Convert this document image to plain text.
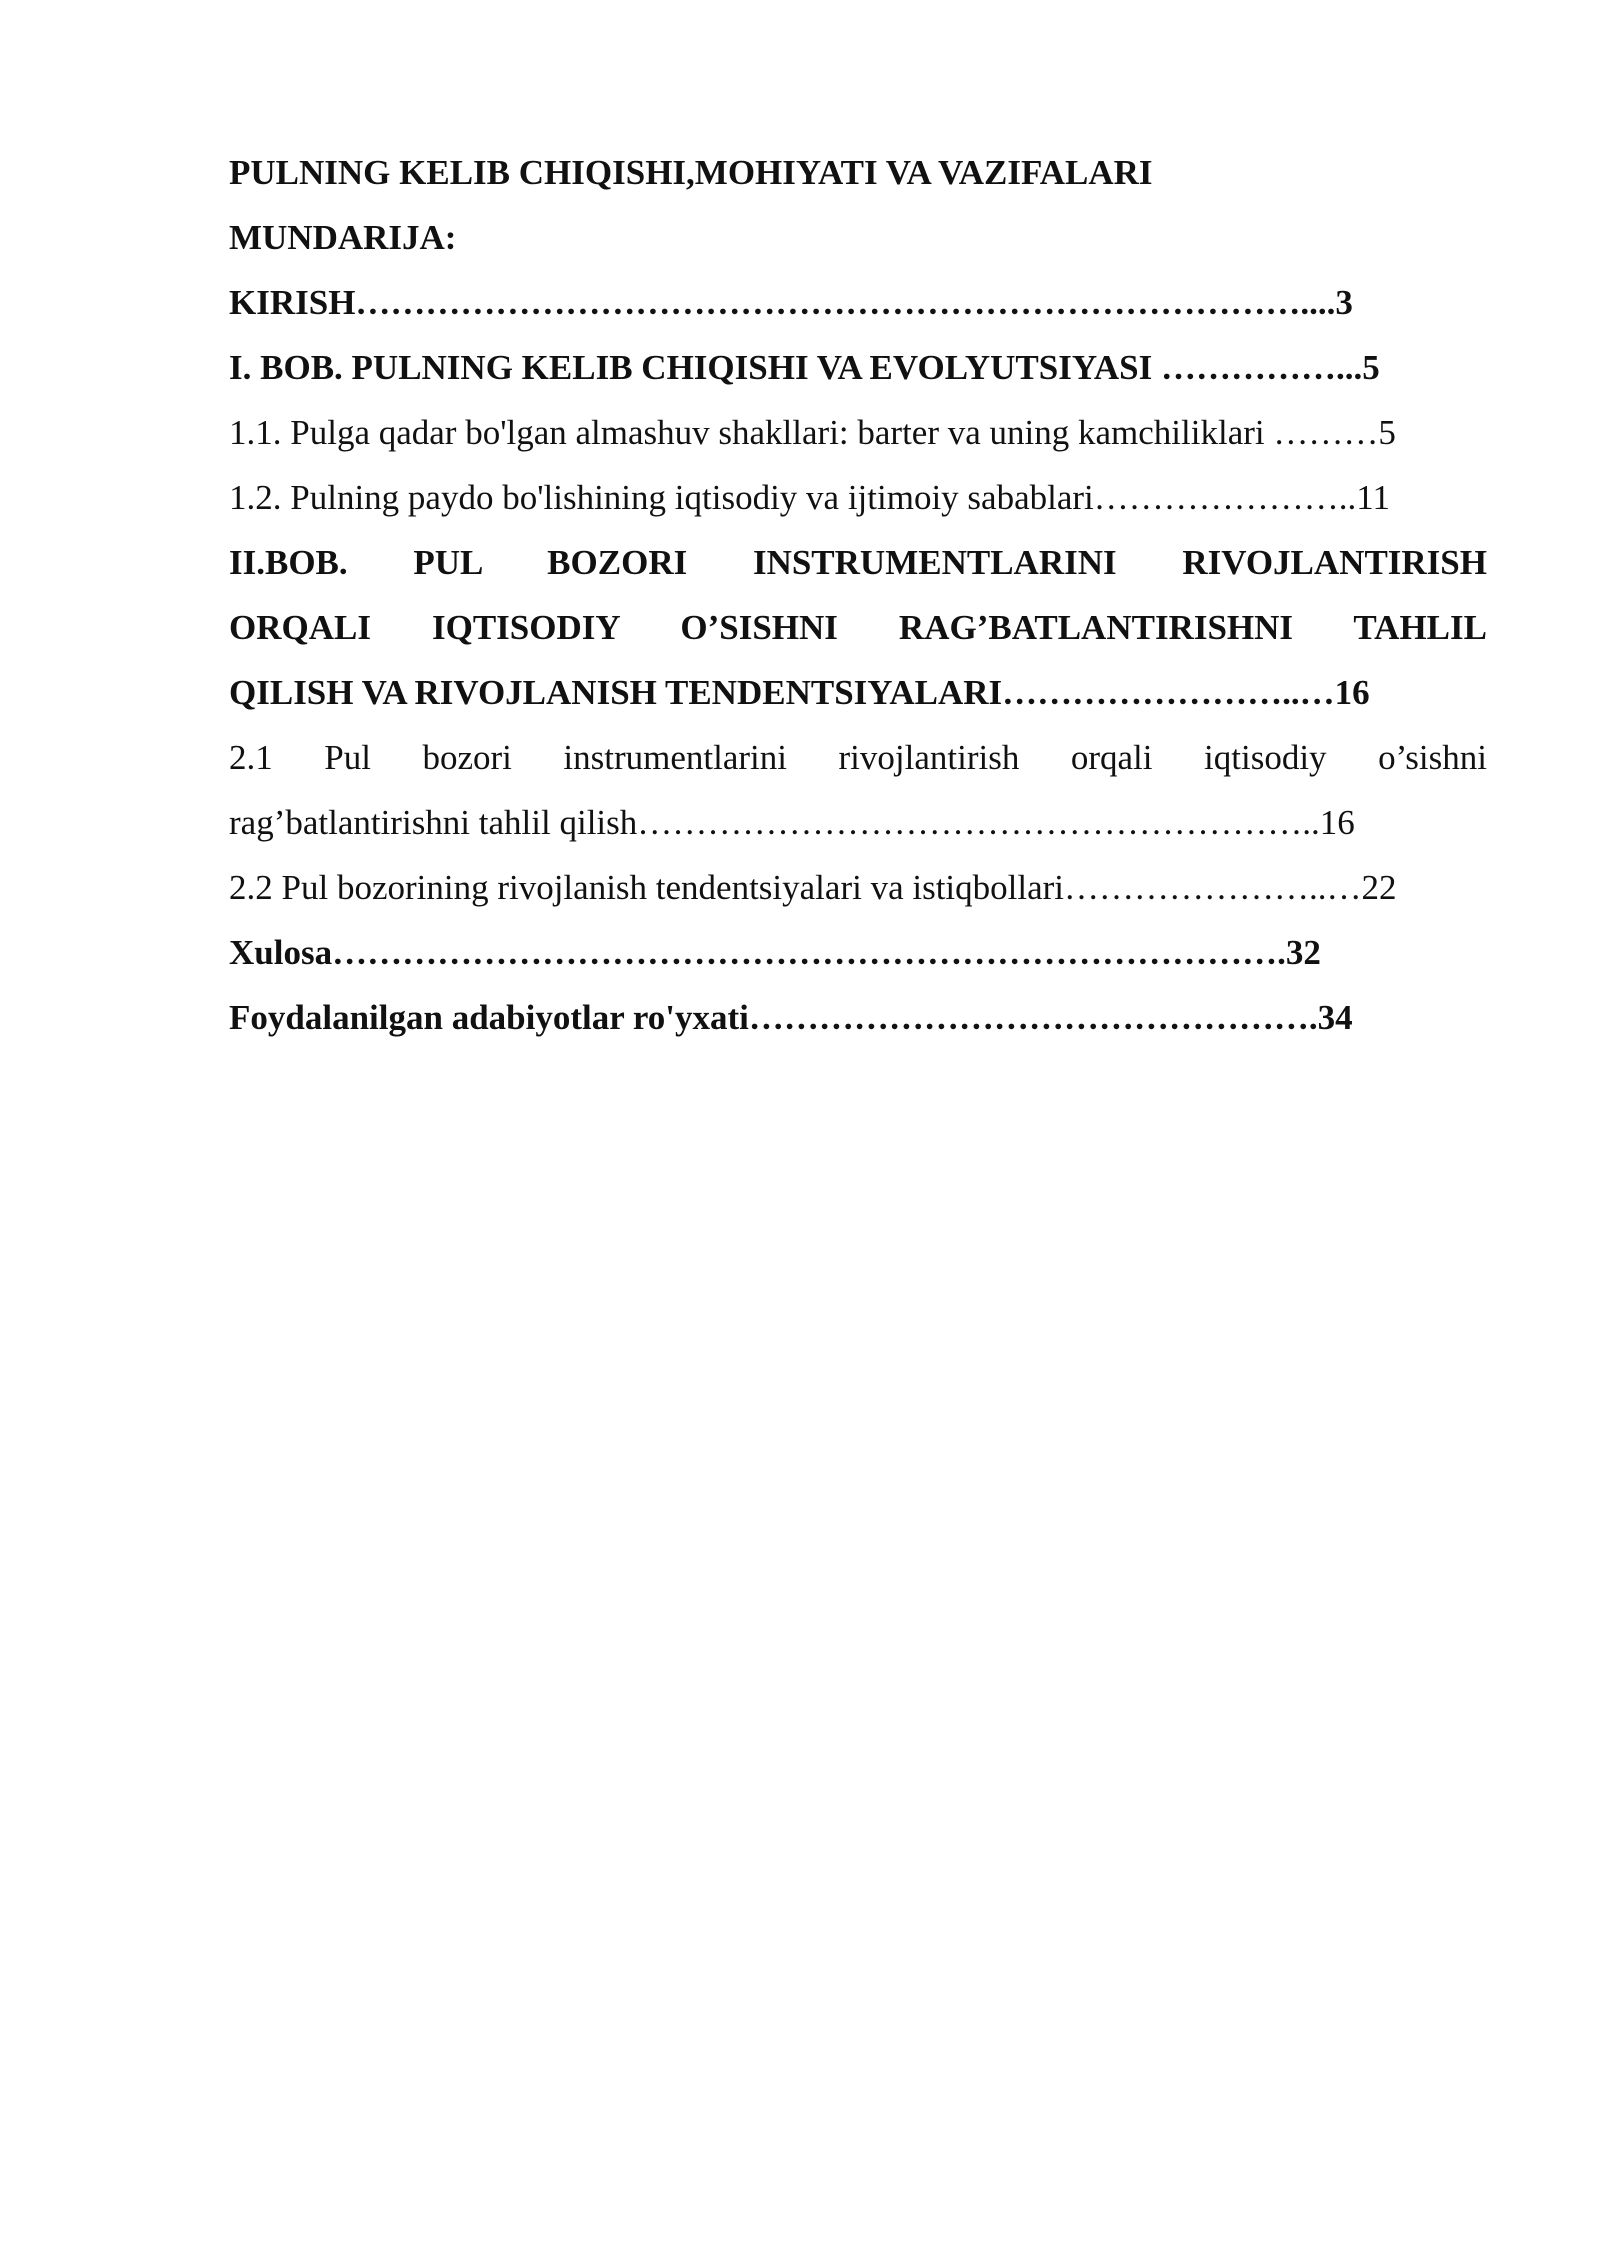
PULNING KELIB CHIQISHI,MOHIYATI VA VAZIFALARI
MUNDARIJA:
KIRISH………………………………………………………………………....3
I. BOB. PULNING KELIB CHIQISHI VA EVOLYUTSIYASI ……………...5
1.1. Pulga qadar bo'lgan almashuv shakllari: barter va uning kamchiliklari ………5
1.2. Pulning paydo bo'lishining iqtisodiy va ijtimoiy sabablari…………………..11
II.BOB. PUL BOZORI INSTRUMENTLARINI RIVOJLANTIRISH
ORQALI IQTISODIY O’SISHNI RAG’BATLANTIRISHNI TAHLIL
QILISH VA RIVOJLANISH TENDENTSIYALARI……………………..…16
2.1 Pul bozori instrumentlarini rivojlantirish orqali iqtisodiy o’sishni
rag’batlantirishni tahlil qilish…………………………………………………..16
2.2 Pul bozorining rivojlanish tendentsiyalari va istiqbollari…………………..…22
Xulosa……………………………………………………………………….32
Foydalanilgan adabiyotlar ro'yxati………………………………………….34
